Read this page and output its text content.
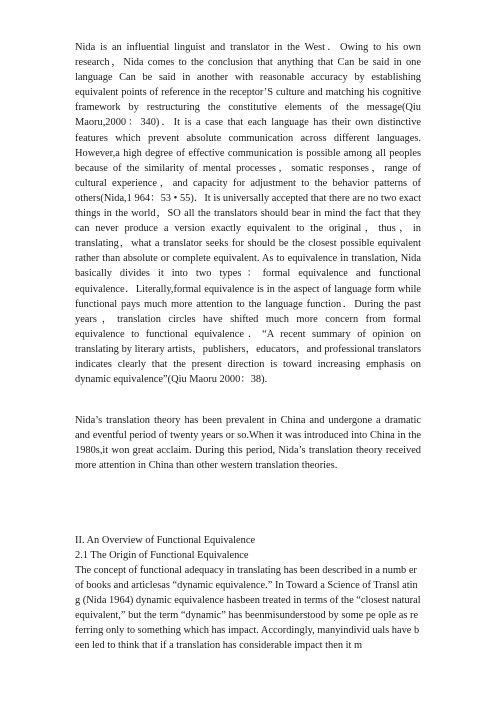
Nida is an influential linguist and translator in the West．Owing to his own research，Nida comes to the conclusion that anything that Can be said in one language Can be said in another with reasonable accuracy by establishing equivalent points of reference in the receptor’S culture and matching his cognitive framework by restructuring the constitutive elements of the message(Qiu Maoru,2000：340)．It is a case that each language has their own distinctive features which prevent absolute communication across different languages. However,a high degree of effective communication is possible among all peoples because of the similarity of mental processes，somatic responses，range of cultural experience，and capacity for adjustment to the behavior patterns of others(Nida,1 964：53 • 55)．It is universally accepted that there are no two exact things in the world，SO all the translators should bear in mind the fact that they can never produce a version exactly equivalent to the original，thus，in translating，what a translator seeks for should be the closest possible equivalent rather than absolute or complete equivalent. As to equivalence in translation, Nida basically divides it into two types：formal equivalence and functional equivalence．Literally,formal equivalence is in the aspect of language form while functional pays much more attention to the language function．During the past years，translation circles have shifted much more concern from formal equivalence to functional equivalence．“A recent summary of opinion on translating by literary artists，publishers，educators，and professional translators indicates clearly that the present direction is toward increasing emphasis on dynamic equivalence”(Qiu Maoru 2000：38).

Nida’s translation theory has been prevalent in China and undergone a dramatic and eventful period of twenty years or so.When it was introduced into China in the 1980s,it won great acclaim. During this period, Nida’s translation theory received more attention in China than other western translation theories.

II. An Overview of Functional Equivalence
2.1 The Origin of Functional Equivalence

The concept of functional adequacy in translating has been described in a numb er of books and articlesas “dynamic equivalence.” In Toward a Science of Transl ating (Nida 1964) dynamic equivalence hasbeen treated in terms of the “closest natural equivalent,” but the term “dynamic” has beenmisunderstood by some pe ople as referring only to something which has impact. Accordingly, manyindivid uals have been led to think that if a translation has considerable impact then it m
